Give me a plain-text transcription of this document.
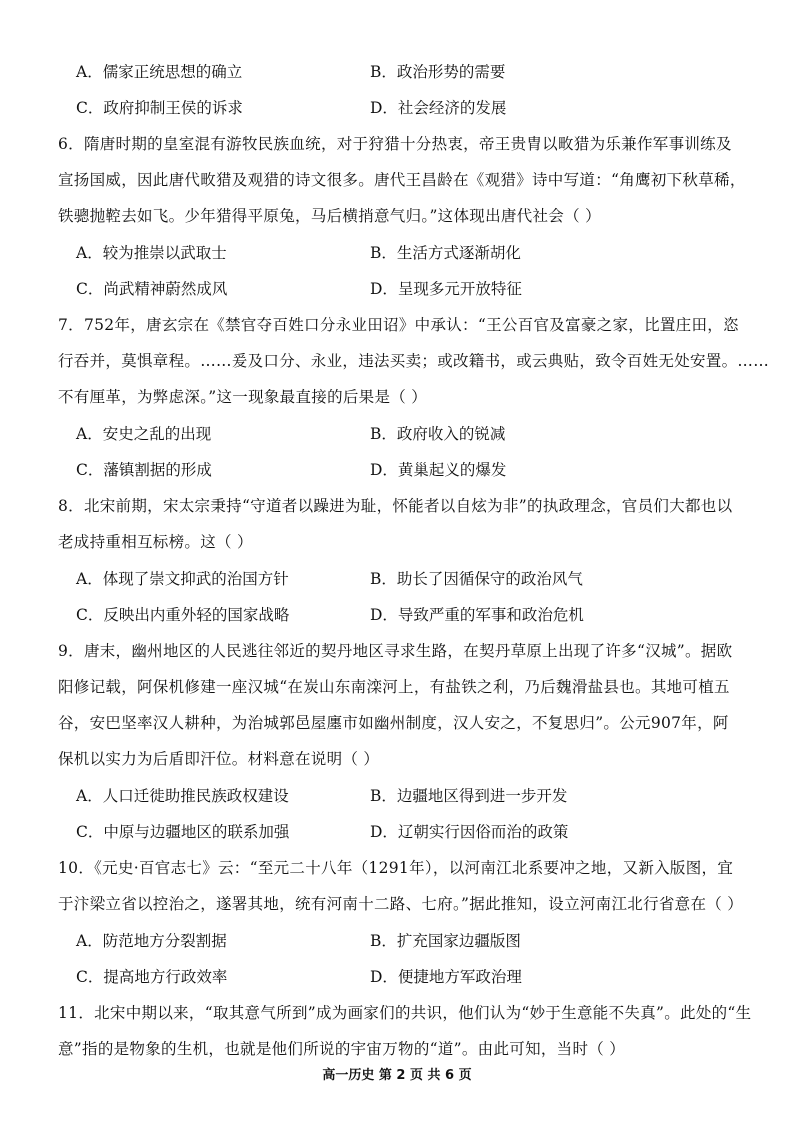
A．儒家正统思想的确立	B．政治形势的需要
C．政府抑制王侯的诉求	D．社会经济的发展
6．隋唐时期的皇室混有游牧民族血统，对于狩猎十分热衷，帝王贵胄以畋猎为乐兼作军事训练及
宣扬国威，因此唐代畋猎及观猎的诗文很多。唐代王昌龄在《观猎》诗中写道：“角鹰初下秋草稀，
铁骢抛鞚去如飞。少年猎得平原兔，马后横捎意气归。”这体现出唐代社会（ ）
A．较为推崇以武取士	B．生活方式逐渐胡化
C．尚武精神蔚然成风	D．呈现多元开放特征
7．752年，唐玄宗在《禁官夺百姓口分永业田诏》中承认：“王公百官及富豪之家，比置庄田，恣
行吞并，莫惧章程。……爰及口分、永业，违法买卖；或改籍书，或云典贴，致令百姓无处安置。……
不有厘革，为弊虑深。”这一现象最直接的后果是（ ）
A．安史之乱的出现	B．政府收入的锐减
C．藩镇割据的形成	D．黄巢起义的爆发
8．北宋前期，宋太宗秉持“守道者以躁进为耻，怀能者以自炫为非”的执政理念，官员们大都也以
老成持重相互标榜。这（ ）
A．体现了崇文抑武的治国方针	B．助长了因循保守的政治风气
C．反映出内重外轻的国家战略	D．导致严重的军事和政治危机
9．唐末，幽州地区的人民逃往邻近的契丹地区寻求生路，在契丹草原上出现了许多“汉城”。据欧
阳修记载，阿保机修建一座汉城“在炭山东南滦河上，有盐铁之利，乃后魏滑盐县也。其地可植五
谷，安巴坚率汉人耕种，为治城郭邑屋廛市如幽州制度，汉人安之，不复思归”。公元907年，阿
保机以实力为后盾即汗位。材料意在说明（ ）
A．人口迁徙助推民族政权建设	B．边疆地区得到进一步开发
C．中原与边疆地区的联系加强	D．辽朝实行因俗而治的政策
10．《元史·百官志七》云：“至元二十八年（1291年），以河南江北系要冲之地，又新入版图，宜
于汴梁立省以控治之，遂署其地，统有河南十二路、七府。”据此推知，设立河南江北行省意在（ ）
A．防范地方分裂割据	B．扩充国家边疆版图
C．提高地方行政效率	D．便捷地方军政治理
11．北宋中期以来，“取其意气所到”成为画家们的共识，他们认为“妙于生意能不失真”。此处的“生
意”指的是物象的生机，也就是他们所说的宇宙万物的“道”。由此可知，当时（ ）
高一历史 第 2 页 共 6 页
